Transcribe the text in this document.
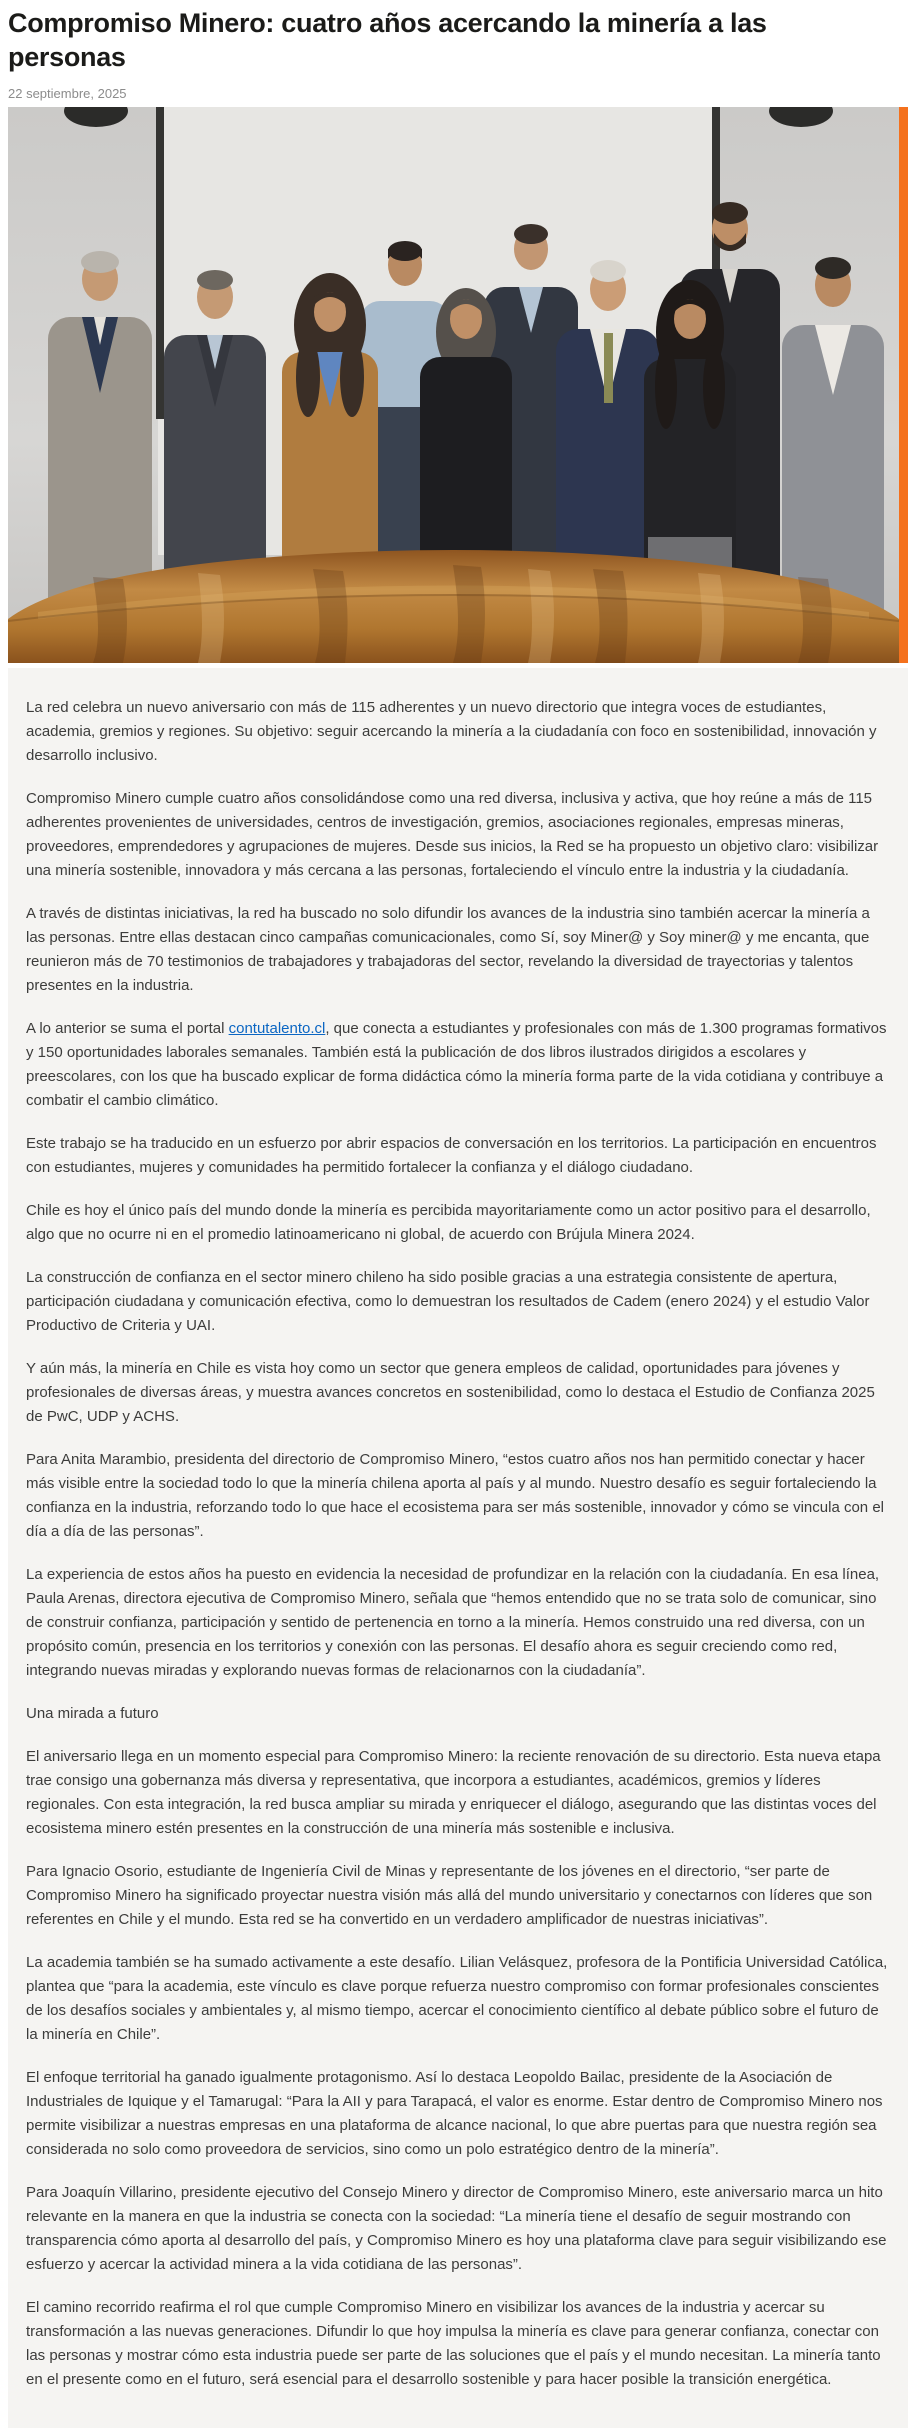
Compromiso Minero: cuatro años acercando la minería a las personas
22 septiembre, 2025

La red celebra un nuevo aniversario con más de 115 adherentes y un nuevo directorio que integra voces de estudiantes, academia, gremios y regiones. Su objetivo: seguir acercando la minería a la ciudadanía con foco en sostenibilidad, innovación y desarrollo inclusivo.

Compromiso Minero cumple cuatro años consolidándose como una red diversa, inclusiva y activa, que hoy reúne a más de 115 adherentes provenientes de universidades, centros de investigación, gremios, asociaciones regionales, empresas mineras, proveedores, emprendedores y agrupaciones de mujeres. Desde sus inicios, la Red se ha propuesto un objetivo claro: visibilizar una minería sostenible, innovadora y más cercana a las personas, fortaleciendo el vínculo entre la industria y la ciudadanía.

A través de distintas iniciativas, la red ha buscado no solo difundir los avances de la industria sino también acercar la minería a las personas. Entre ellas destacan cinco campañas comunicacionales, como Sí, soy Miner@ y Soy miner@ y me encanta, que reunieron más de 70 testimonios de trabajadores y trabajadoras del sector, revelando la diversidad de trayectorias y talentos presentes en la industria.

A lo anterior se suma el portal contutalento.cl, que conecta a estudiantes y profesionales con más de 1.300 programas formativos y 150 oportunidades laborales semanales. También está la publicación de dos libros ilustrados dirigidos a escolares y preescolares, con los que ha buscado explicar de forma didáctica cómo la minería forma parte de la vida cotidiana y contribuye a combatir el cambio climático.

Este trabajo se ha traducido en un esfuerzo por abrir espacios de conversación en los territorios. La participación en encuentros con estudiantes, mujeres y comunidades ha permitido fortalecer la confianza y el diálogo ciudadano.

Chile es hoy el único país del mundo donde la minería es percibida mayoritariamente como un actor positivo para el desarrollo, algo que no ocurre ni en el promedio latinoamericano ni global, de acuerdo con Brújula Minera 2024.

La construcción de confianza en el sector minero chileno ha sido posible gracias a una estrategia consistente de apertura, participación ciudadana y comunicación efectiva, como lo demuestran los resultados de Cadem (enero 2024) y el estudio Valor Productivo de Criteria y UAI.

Y aún más, la minería en Chile es vista hoy como un sector que genera empleos de calidad, oportunidades para jóvenes y profesionales de diversas áreas, y muestra avances concretos en sostenibilidad, como lo destaca el Estudio de Confianza 2025 de PwC, UDP y ACHS.

Para Anita Marambio, presidenta del directorio de Compromiso Minero, “estos cuatro años nos han permitido conectar y hacer más visible entre la sociedad todo lo que la minería chilena aporta al país y al mundo. Nuestro desafío es seguir fortaleciendo la confianza en la industria, reforzando todo lo que hace el ecosistema para ser más sostenible, innovador y cómo se vincula con el día a día de las personas”.

La experiencia de estos años ha puesto en evidencia la necesidad de profundizar en la relación con la ciudadanía. En esa línea, Paula Arenas, directora ejecutiva de Compromiso Minero, señala que “hemos entendido que no se trata solo de comunicar, sino de construir confianza, participación y sentido de pertenencia en torno a la minería. Hemos construido una red diversa, con un propósito común, presencia en los territorios y conexión con las personas. El desafío ahora es seguir creciendo como red, integrando nuevas miradas y explorando nuevas formas de relacionarnos con la ciudadanía”.

Una mirada a futuro

El aniversario llega en un momento especial para Compromiso Minero: la reciente renovación de su directorio. Esta nueva etapa trae consigo una gobernanza más diversa y representativa, que incorpora a estudiantes, académicos, gremios y líderes regionales. Con esta integración, la red busca ampliar su mirada y enriquecer el diálogo, asegurando que las distintas voces del ecosistema minero estén presentes en la construcción de una minería más sostenible e inclusiva.

Para Ignacio Osorio, estudiante de Ingeniería Civil de Minas y representante de los jóvenes en el directorio, “ser parte de Compromiso Minero ha significado proyectar nuestra visión más allá del mundo universitario y conectarnos con líderes que son referentes en Chile y el mundo. Esta red se ha convertido en un verdadero amplificador de nuestras iniciativas”.

La academia también se ha sumado activamente a este desafío. Lilian Velásquez, profesora de la Pontificia Universidad Católica, plantea que “para la academia, este vínculo es clave porque refuerza nuestro compromiso con formar profesionales conscientes de los desafíos sociales y ambientales y, al mismo tiempo, acercar el conocimiento científico al debate público sobre el futuro de la minería en Chile”.

El enfoque territorial ha ganado igualmente protagonismo. Así lo destaca Leopoldo Bailac, presidente de la Asociación de Industriales de Iquique y el Tamarugal: “Para la AII y para Tarapacá, el valor es enorme. Estar dentro de Compromiso Minero nos permite visibilizar a nuestras empresas en una plataforma de alcance nacional, lo que abre puertas para que nuestra región sea considerada no solo como proveedora de servicios, sino como un polo estratégico dentro de la minería”.

Para Joaquín Villarino, presidente ejecutivo del Consejo Minero y director de Compromiso Minero, este aniversario marca un hito relevante en la manera en que la industria se conecta con la sociedad: “La minería tiene el desafío de seguir mostrando con transparencia cómo aporta al desarrollo del país, y Compromiso Minero es hoy una plataforma clave para seguir visibilizando ese esfuerzo y acercar la actividad minera a la vida cotidiana de las personas”.

El camino recorrido reafirma el rol que cumple Compromiso Minero en visibilizar los avances de la industria y acercar su transformación a las nuevas generaciones. Difundir lo que hoy impulsa la minería es clave para generar confianza, conectar con las personas y mostrar cómo esta industria puede ser parte de las soluciones que el país y el mundo necesitan. La minería tanto en el presente como en el futuro, será esencial para el desarrollo sostenible y para hacer posible la transición energética.
